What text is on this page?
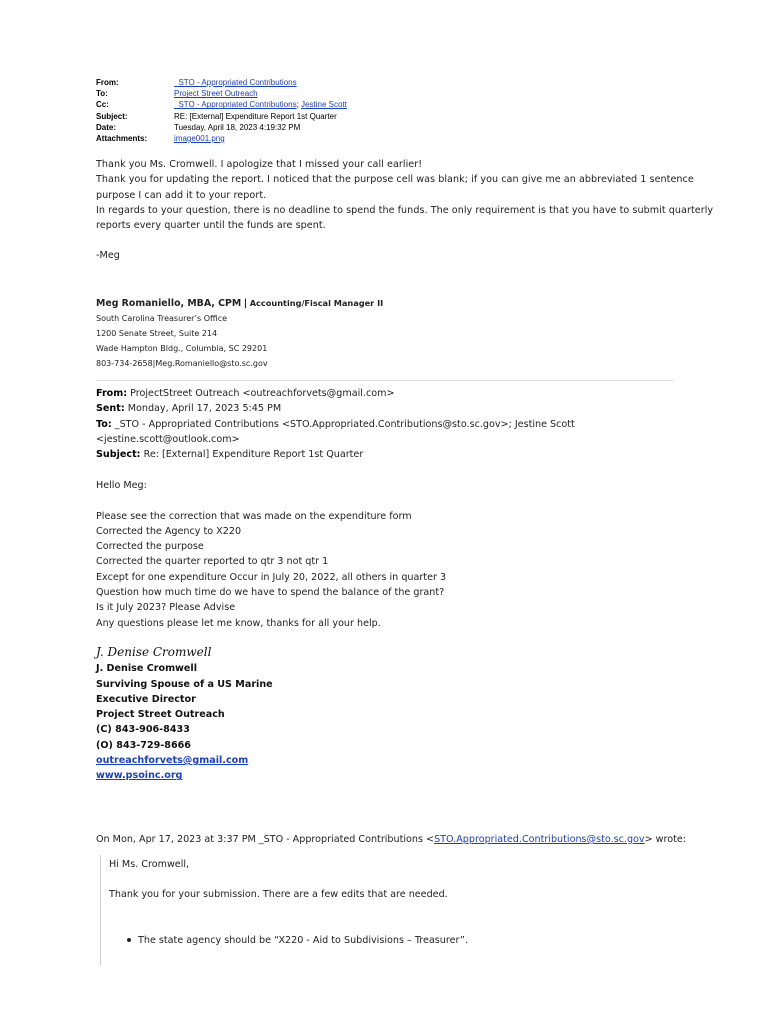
From:	_STO - Appropriated Contributions
To:	Project Street Outreach
Cc:	_STO - Appropriated Contributions; Jestine Scott
Subject:	RE: [External] Expenditure Report 1st Quarter
Date:	Tuesday, April 18, 2023 4:19:32 PM
Attachments:	image001.png

Thank you Ms. Cromwell. I apologize that I missed your call earlier!

Thank you for updating the report. I noticed that the purpose cell was blank; if you can give me an abbreviated 1 sentence

purpose I can add it to your report.

In regards to your question, there is no deadline to spend the funds. The only requirement is that you have to submit quarterly

reports every quarter until the funds are spent.

-Meg

Meg Romaniello, MBA, CPM | Accounting/Fiscal Manager II
South Carolina Treasurer’s Office
1200 Senate Street, Suite 214
Wade Hampton Bldg., Columbia, SC 29201
803-734-2658|Meg.Romaniello@sto.sc.gov
From: ProjectStreet Outreach <outreachforvets@gmail.com>
Sent: Monday, April 17, 2023 5:45 PM
To: _STO - Appropriated Contributions <STO.Appropriated.Contributions@sto.sc.gov>; Jestine Scott
<jestine.scott@outlook.com>
Subject: Re: [External] Expenditure Report 1st Quarter
Hello Meg:
Please see the correction that was made on the expenditure form
Corrected the Agency to X220
Corrected the purpose
Corrected the quarter reported to qtr 3 not qtr 1
Except for one expenditure Occur in July 20, 2022, all others in quarter 3
Question how much time do we have to spend the balance of the grant?
Is it July 2023? Please Advise
Any questions please let me know, thanks for all your help.
J. Denise Cromwell
J. Denise Cromwell
Surviving Spouse of a US Marine
Executive Director
Project Street Outreach
(C) 843-906-8433
(O) 843-729-8666
outreachforvets@gmail.com
www.psoinc.org
On Mon, Apr 17, 2023 at 3:37 PM _STO - Appropriated Contributions <STO.Appropriated.Contributions@sto.sc.gov> wrote:

Hi Ms. Cromwell,

Thank you for your submission. There are a few edits that are needed.

The state agency should be “X220 - Aid to Subdivisions – Treasurer”.
